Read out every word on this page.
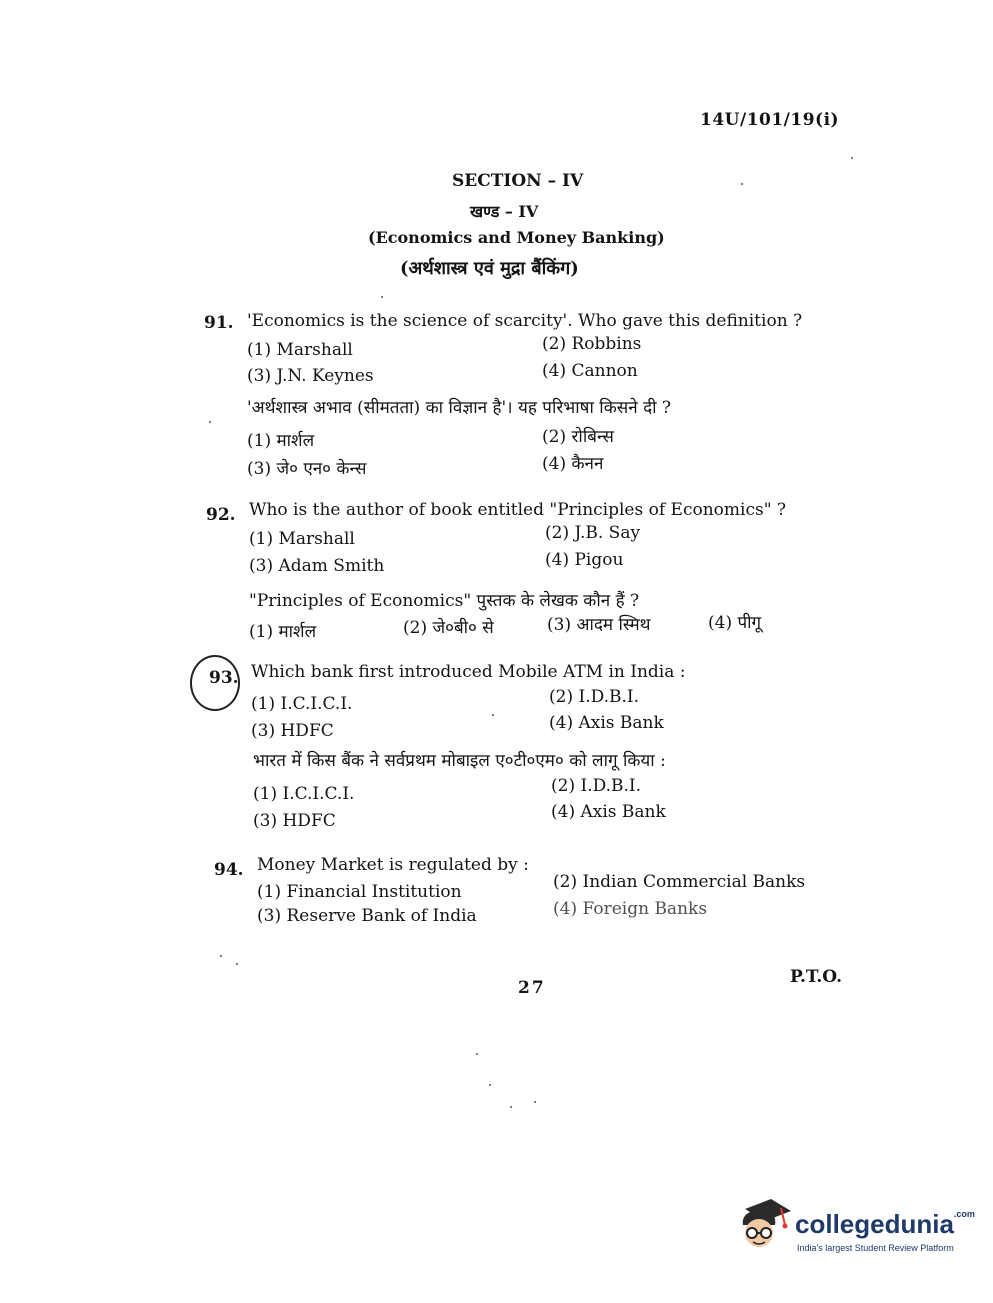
14U/101/19(i)
SECTION – IV
खण्ड – IV
(Economics and Money Banking)
(अर्थशास्त्र एवं मुद्रा बैंकिंग)
91. 'Economics is the science of scarcity'. Who gave this definition ?
(1) Marshall	(2) Robbins
(3) J.N. Keynes	(4) Cannon
'अर्थशास्त्र अभाव (सीमतता) का विज्ञान है'। यह परिभाषा किसने दी ?
(1) मार्शल	(2) रोबिन्स
(3) जे० एन० केन्स	(4) कैनन
92. Who is the author of book entitled "Principles of Economics" ?
(1) Marshall	(2) J.B. Say
(3) Adam Smith	(4) Pigou
"Principles of Economics" पुस्तक के लेखक कौन हैं ?
(1) मार्शल	(2) जे०बी० से	(3) आदम स्मिथ	(4) पीगू
93. Which bank first introduced Mobile ATM in India :
(1) I.C.I.C.I.	(2) I.D.B.I.
(3) HDFC	(4) Axis Bank
भारत में किस बैंक ने सर्वप्रथम मोबाइल ए०टी०एम० को लागू किया :
(1) I.C.I.C.I.	(2) I.D.B.I.
(3) HDFC	(4) Axis Bank
94. Money Market is regulated by :
(1) Financial Institution	(2) Indian Commercial Banks
(3) Reserve Bank of India	(4) Foreign Banks
27
P.T.O.
collegedunia$^{.com}$
India's largest Student Review Platform
